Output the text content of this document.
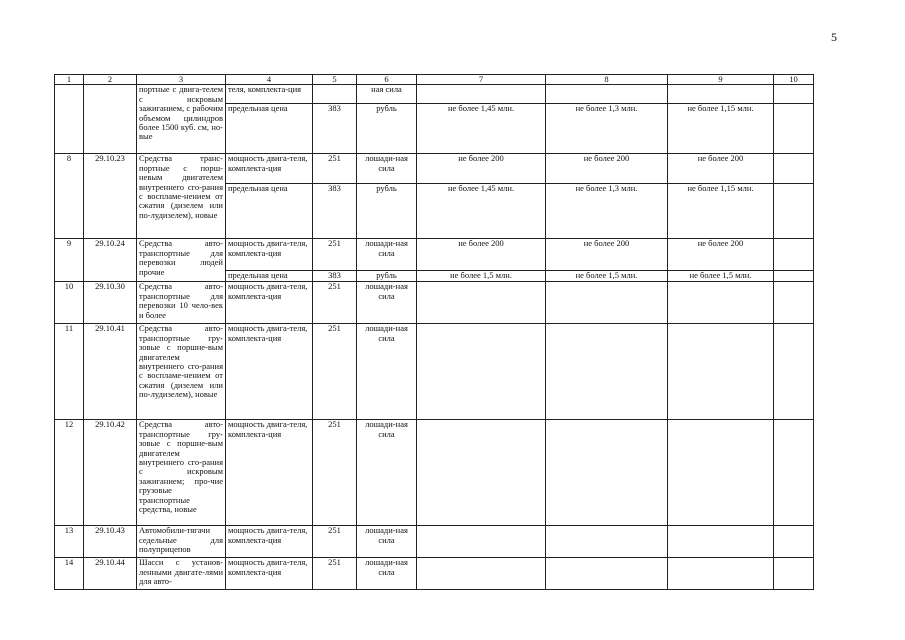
5
1	2	3	4	5	6	7	8	9	10
		портные с двига-телем с искровым зажиганием, с рабочим объемом цилиндров более 1500 куб. см, но-вые	теля, комплекта-ция		ная сила				
			предельная цена	383	рубль	не более 1,45 млн.	не более 1,3 млн.	не более 1,15 млн.	
8	29.10.23	Средства транс-портные с порш-невым двигателем внутреннего сго-рания с воспламе-нением от сжатия (дизелем или по-лудизелем), новые	мощность двига-теля, комплекта-ция	251	лошади-ная сила	не более 200	не более 200	не более 200	
			предельная цена	383	рубль	не более 1,45 млн.	не более 1,3 млн.	не более 1,15 млн.	
9	29.10.24	Средства авто-транспортные для перевозки людей прочие	мощность двига-теля, комплекта-ция	251	лошади-ная сила	не более 200	не более 200	не более 200	
			предельная цена	383	рубль	не более 1,5 млн.	не более 1,5 млн.	не более 1,5 млн.	
10	29.10.30	Средства авто-транспортные для перевозки 10 чело-век и более	мощность двига-теля, комплекта-ция	251	лошади-ная сила				
11	29.10.41	Средства авто-транспортные гру-зовые с поршне-вым двигателем внутреннего сго-рания с воспламе-нением от сжатия (дизелем или по-лудизелем), новые	мощность двига-теля, комплекта-ция	251	лошади-ная сила				
12	29.10.42	Средства авто-транспортные гру-зовые с поршне-вым двигателем внутреннего сго-рания с искровым зажиганием; про-чие грузовые транспортные средства, новые	мощность двига-теля, комплекта-ция	251	лошади-ная сила				
13	29.10.43	Автомобили-тягачи седельные для полуприцепов	мощность двига-теля, комплекта-ция	251	лошади-ная сила				
14	29.10.44	Шасси с установ-ленными двигате-лями для авто-	мощность двига-теля, комплекта-ция	251	лошади-ная сила				
